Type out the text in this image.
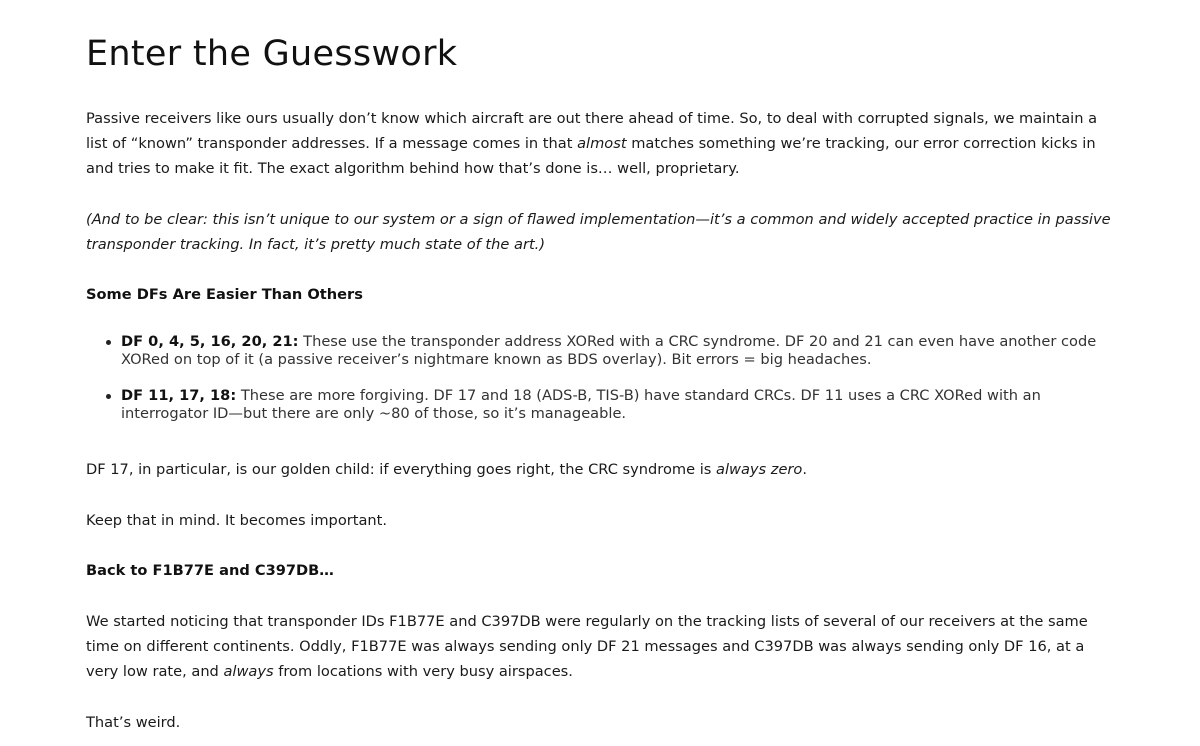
Enter the Guesswork

Passive receivers like ours usually don’t know which aircraft are out there ahead of time. So, to deal with corrupted signals, we maintain a list of “known” transponder addresses. If a message comes in that almost matches something we’re tracking, our error correction kicks in and tries to make it fit. The exact algorithm behind how that’s done is… well, proprietary.

(And to be clear: this isn’t unique to our system or a sign of flawed implementation—it’s a common and widely accepted practice in passive transponder tracking. In fact, it’s pretty much state of the art.)

Some DFs Are Easier Than Others
DF 0, 4, 5, 16, 20, 21: These use the transponder address XORed with a CRC syndrome. DF 20 and 21 can even have another code XORed on top of it (a passive receiver’s nightmare known as BDS overlay). Bit errors = big headaches.
DF 11, 17, 18: These are more forgiving. DF 17 and 18 (ADS-B, TIS-B) have standard CRCs. DF 11 uses a CRC XORed with an interrogator ID—but there are only ~80 of those, so it’s manageable.

DF 17, in particular, is our golden child: if everything goes right, the CRC syndrome is always zero.

Keep that in mind. It becomes important.

Back to F1B77E and C397DB…

We started noticing that transponder IDs F1B77E and C397DB were regularly on the tracking lists of several of our receivers at the same time on different continents. Oddly, F1B77E was always sending only DF 21 messages and C397DB was always sending only DF 16, at a very low rate, and always from locations with very busy airspaces.

That’s weird.
